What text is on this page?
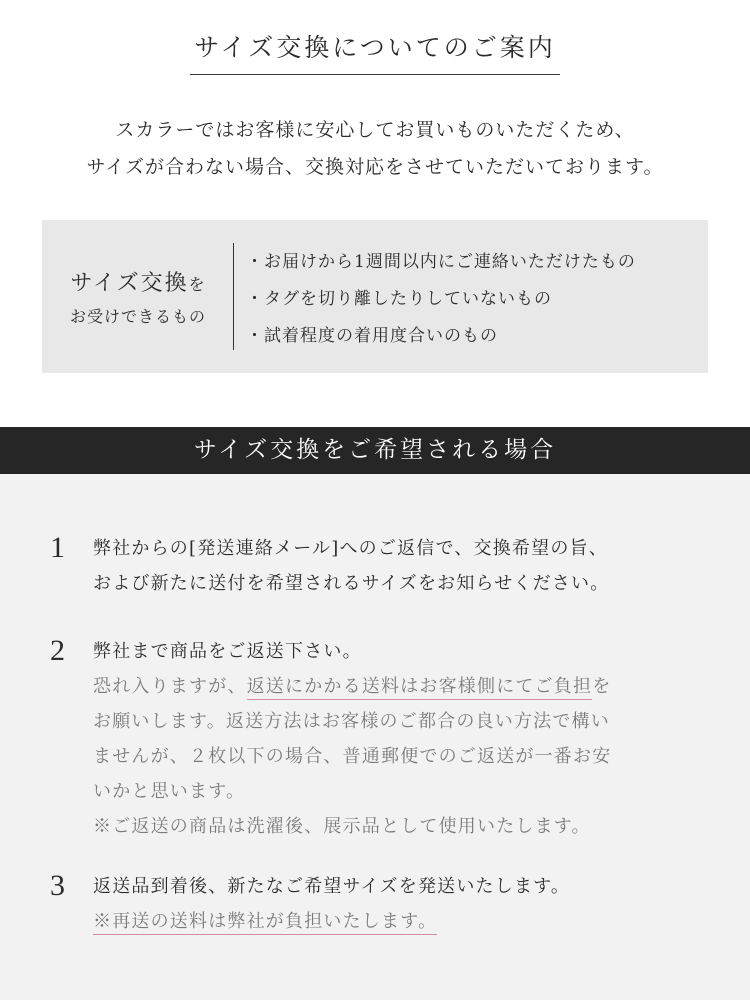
サイズ交換についてのご案内
スカラーではお客様に安心してお買いものいただくため、
サイズが合わない場合、交換対応をさせていただいております。
サイズ交換を
お受けできるもの
・お届けから1週間以内にご連絡いただけたもの
・タグを切り離したりしていないもの
・試着程度の着用度合いのもの
サイズ交換をご希望される場合
1 弊社からの[発送連絡メール]へのご返信で、交換希望の旨、
および新たに送付を希望されるサイズをお知らせください。
2 弊社まで商品をご返送下さい。
恐れ入りますが、返送にかかる送料はお客様側にてご負担を
お願いします。返送方法はお客様のご都合の良い方法で構い
ませんが、２枚以下の場合、普通郵便でのご返送が一番お安
いかと思います。
※ご返送の商品は洗濯後、展示品として使用いたします。
3 返送品到着後、新たなご希望サイズを発送いたします。
※再送の送料は弊社が負担いたします。
